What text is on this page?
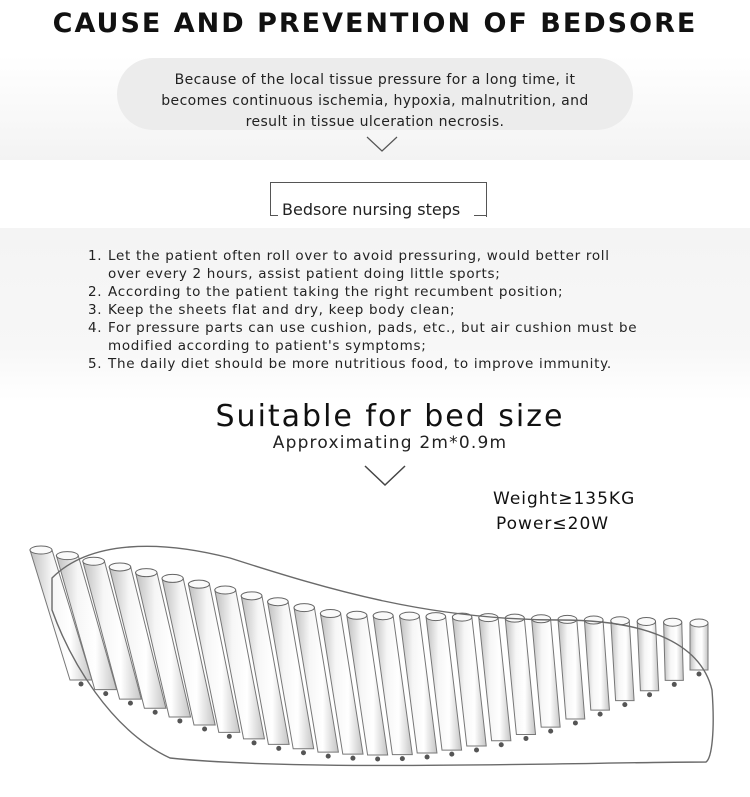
CAUSE AND PREVENTION OF BEDSORE
Because of the local tissue pressure for a long time, it
becomes continuous ischemia, hypoxia, malnutrition, and
result in tissue ulceration necrosis.
Bedsore nursing steps
1. Let the patient often roll over to avoid pressuring, would better roll
over every 2 hours, assist patient doing little sports;
2. According to the patient taking the right recumbent position;
3. Keep the sheets flat and dry, keep body clean;
4. For pressure parts can use cushion, pads, etc., but air cushion must be
modified according to patient's symptoms;
5. The daily diet should be more nutritious food, to improve immunity.
Suitable for bed size
Approximating 2m*0.9m
Weight≥135KG
Power≤20W
